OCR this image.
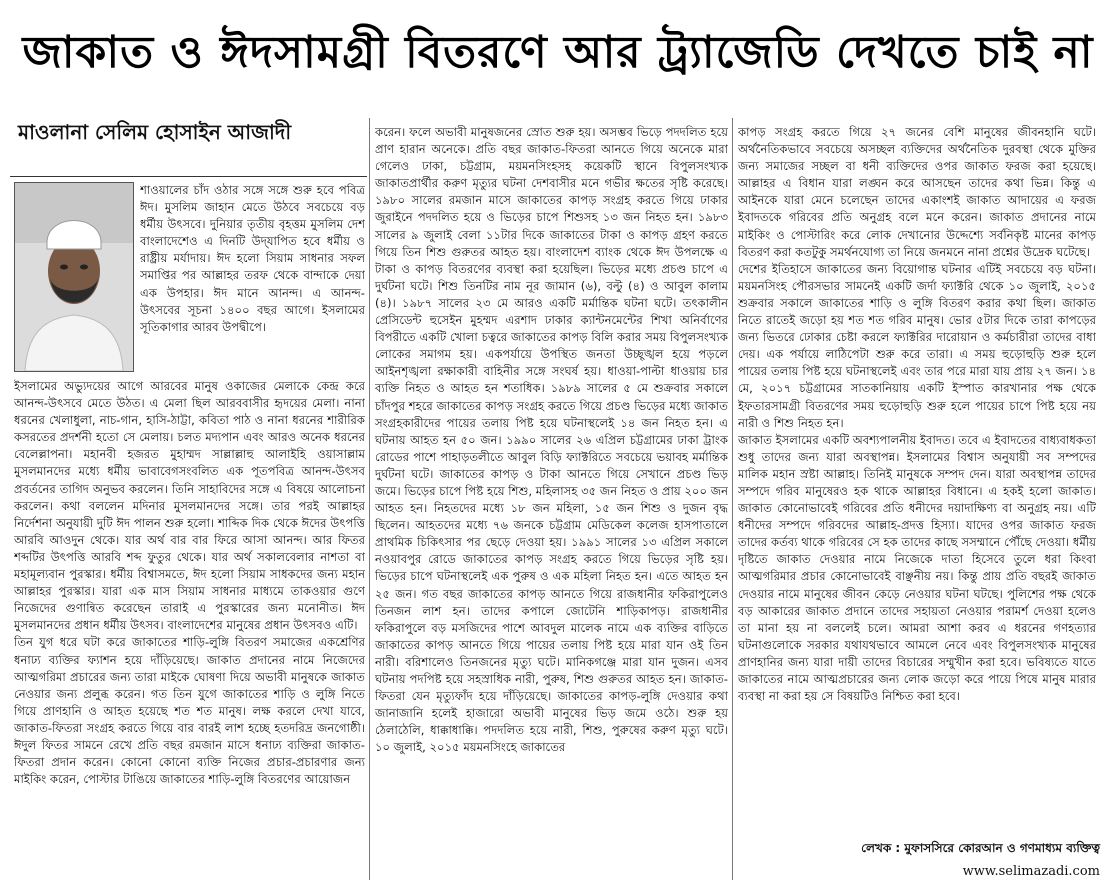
জাকাত ও ঈদসামগ্রী বিতরণে আর ট্র্যাজেডি দেখতে চাই না
মাওলানা সেলিম হোসাইন আজাদী
শাওয়ালের চাঁদ ওঠার সঙ্গে সঙ্গে শুরু হবে পবিত্র ঈদ। মুসলিম জাহান মেতে উঠবে সবচেয়ে বড় ধর্মীয় উৎসবে। দুনিয়ার তৃতীয় বৃহত্তম মুসলিম দেশ বাংলাদেশেও এ দিনটি উদ্‌যাপিত হবে ধর্মীয় ও রাষ্ট্রীয় মর্যাদায়। ঈদ হলো সিয়াম সাধনার সফল সমাপ্তির পর আল্লাহর তরফ থেকে বান্দাকে দেয়া এক উপহার। ঈদ মানে আনন্দ। এ আনন্দ-উৎসবের সূচনা ১৪০০ বছর আগে। ইসলামের সূতিকাগার আরব উপদ্বীপে।
ইসলামের অভ্যুদয়ের আগে আরবের মানুষ ওকাজের মেলাকে কেন্দ্র করে আনন্দ-উৎসবে মেতে উঠত। এ মেলা ছিল আরববাসীর হৃদয়ের মেলা। নানা ধরনের খেলাধুলা, নাচ-গান, হাসি-ঠাট্টা, কবিতা পাঠ ও নানা ধরনের শারীরিক কসরতের প্রদর্শনী হতো সে মেলায়। চলত মদ্যপান এবং আরও অনেক ধরনের বেলেল্লাপনা। মহানবী হজরত মুহাম্মদ সাল্লাল্লাহু আলাইহি ওয়াসাল্লাম মুসলমানদের মধ্যে ধর্মীয় ভাবাবেগসংবলিত এক পূতপবিত্র আনন্দ-উৎসব প্রবর্তনের তাগিদ অনুভব করলেন। তিনি সাহাবিদের সঙ্গে এ বিষয়ে আলোচনা করলেন। কথা বললেন মদিনার মুসলমানদের সঙ্গে। তার পরই আল্লাহর নির্দেশনা অনুযায়ী দুটি ঈদ পালন শুরু হলো। শাব্দিক দিক থেকে ঈদের উৎপত্তি আরবি আওদুন থেকে। যার অর্থ বার বার ফিরে আসা আনন্দ। আর ফিতর শব্দটির উৎপত্তি আরবি শব্দ ফুতুর থেকে। যার অর্থ সকালবেলার নাশতা বা মহামূল্যবান পুরস্কার। ধর্মীয় বিশ্বাসমতে, ঈদ হলো সিয়াম সাধকদের জন্য মহান আল্লাহর পুরস্কার। যারা এক মাস সিয়াম সাধনার মাধ্যমে তাকওয়ার গুণে নিজেদের গুণান্বিত করেছেন তারাই এ পুরস্কারের জন্য মনোনীত। ঈদ মুসলমানদের প্রধান ধর্মীয় উৎসব। বাংলাদেশের মানুষের প্রধান উৎসবও এটি।
তিন যুগ ধরে ঘটা করে জাকাতের শাড়ি-লুঙ্গি বিতরণ সমাজের একশ্রেণির ধনাঢ্য ব্যক্তির ফ্যাশন হয়ে দাঁড়িয়েছে। জাকাত প্রদানের নামে নিজেদের আত্মগরিমা প্রচারের জন্য তারা মাইকে ঘোষণা দিয়ে অভাবী মানুষকে জাকাত নেওয়ার জন্য প্রলুব্ধ করেন। গত তিন যুগে জাকাতের শাড়ি ও লুঙ্গি নিতে গিয়ে প্রাণহানি ও আহত হয়েছে শত শত মানুষ। লক্ষ করলে দেখা যাবে, জাকাত-ফিতরা সংগ্রহ করতে গিয়ে বার বারই লাশ হচ্ছে হতদরিদ্র জনগোষ্ঠী। ঈদুল ফিতর সামনে রেখে প্রতি বছর রমজান মাসে ধনাঢ্য ব্যক্তিরা জাকাত-ফিতরা প্রদান করেন। কোনো কোনো ব্যক্তি নিজের প্রচার-প্রচারণার জন্য মাইকিং করেন, পোস্টার টাঙিয়ে জাকাতের শাড়ি-লুঙ্গি বিতরণের আয়োজন
করেন। ফলে অভাবী মানুষজনের স্রোত শুরু হয়। অসম্ভব ভিড়ে পদদলিত হয়ে প্রাণ হারান অনেকে। প্রতি বছর জাকাত-ফিতরা আনতে গিয়ে অনেকে মারা গেলেও ঢাকা, চট্টগ্রাম, ময়মনসিংহসহ কয়েকটি স্থানে বিপুলসংখ্যক জাকাতপ্রার্থীর করুণ মৃত্যুর ঘটনা দেশবাসীর মনে গভীর ক্ষতের সৃষ্টি করেছে। ১৯৮০ সালের রমজান মাসে জাকাতের কাপড় সংগ্রহ করতে গিয়ে ঢাকার জুরাইনে পদদলিত হয়ে ও ভিড়ের চাপে শিশুসহ ১৩ জন নিহত হন। ১৯৮৩ সালের ৯ জুলাই বেলা ১১টার দিকে জাকাতের টাকা ও কাপড় গ্রহণ করতে গিয়ে তিন শিশু গুরুতর আহত হয়। বাংলাদেশ ব্যাংক থেকে ঈদ উপলক্ষে এ টাকা ও কাপড় বিতরণের ব্যবস্থা করা হয়েছিল। ভিড়ের মধ্যে প্রচণ্ড চাপে এ দুর্ঘটনা ঘটে। শিশু তিনটির নাম নূর জামান (৬), বল্টু (৪) ও আবুল কালাম (৪)। ১৯৮৭ সালের ২৩ মে আরও একটি মর্মান্তিক ঘটনা ঘটে। তৎকালীন প্রেসিডেন্ট হুসেইন মুহম্মদ এরশাদ ঢাকার ক্যান্টনমেন্টের শিখা অনির্বাণের বিপরীতে একটি খোলা চত্বরে জাকাতের কাপড় বিলি করার সময় বিপুলসংখ্যক লোকের সমাগম হয়। একপর্যায়ে উপস্থিত জনতা উচ্ছৃঙ্খল হয়ে পড়লে আইনশৃঙ্খলা রক্ষাকারী বাহিনীর সঙ্গে সংঘর্ষ হয়। ধাওয়া-পাল্টা ধাওয়ায় চার ব্যক্তি নিহত ও আহত হন শতাধিক। ১৯৮৯ সালের ৫ মে শুক্রবার সকালে চাঁদপুর শহরে জাকাতের কাপড় সংগ্রহ করতে গিয়ে প্রচণ্ড ভিড়ের মধ্যে জাকাত সংগ্রহকারীদের পায়ের তলায় পিষ্ট হয়ে ঘটনাস্থলেই ১৪ জন নিহত হন। এ ঘটনায় আহত হন ৫০ জন। ১৯৯০ সালের ২৬ এপ্রিল চট্টগ্রামের ঢাকা ট্রাংক রোডের পাশে পাহাড়তলীতে আবুল বিড়ি ফ্যাক্টরিতে সবচেয়ে ভয়াবহ মর্মান্তিক দুর্ঘটনা ঘটে। জাকাতের কাপড় ও টাকা আনতে গিয়ে সেখানে প্রচণ্ড ভিড় জমে। ভিড়ের চাপে পিষ্ট হয়ে শিশু, মহিলাসহ ৩৫ জন নিহত ও প্রায় ২০০ জন আহত হন। নিহতদের মধ্যে ১৮ জন মহিলা, ১৫ জন শিশু ও দুজন বৃদ্ধ ছিলেন। আহতদের মধ্যে ৭৬ জনকে চট্টগ্রাম মেডিকেল কলেজ হাসপাতালে প্রাথমিক চিকিৎসার পর ছেড়ে দেওয়া হয়। ১৯৯১ সালের ১৩ এপ্রিল সকালে নওয়াবপুর রোডে জাকাতের কাপড় সংগ্রহ করতে গিয়ে ভিড়ের সৃষ্টি হয়। ভিড়ের চাপে ঘটনাস্থলেই এক পুরুষ ও এক মহিলা নিহত হন। এতে আহত হন ২৫ জন। গত বছর জাকাতের কাপড় আনতে গিয়ে রাজধানীর ফকিরাপুলেও তিনজন লাশ হন। তাদের কপালে জোটেনি শাড়িকাপড়। রাজধানীর ফকিরাপুলে বড় মসজিদের পাশে আবদুল মালেক নামে এক ব্যক্তির বাড়িতে জাকাতের কাপড় আনতে গিয়ে পায়ের তলায় পিষ্ট হয়ে মারা যান ওই তিন নারী। বরিশালেও তিনজনের মৃত্যু ঘটে। মানিকগঞ্জে মারা যান দুজন। এসব ঘটনায় পদপিষ্ট হয়ে সহস্রাধিক নারী, পুরুষ, শিশু গুরুতর আহত হন। জাকাত-ফিতরা যেন মৃত্যুফাঁদ হয়ে দাঁড়িয়েছে। জাকাতের কাপড়-লুঙ্গি দেওয়ার কথা জানাজানি হলেই হাজারো অভাবী মানুষের ভিড় জমে ওঠে। শুরু হয় ঠেলাঠেলি, ধাক্কাধাক্কি। পদদলিত হয়ে নারী, শিশু, পুরুষের করুণ মৃত্যু ঘটে। ১০ জুলাই, ২০১৫ ময়মনসিংহে জাকাতের
কাপড় সংগ্রহ করতে গিয়ে ২৭ জনের বেশি মানুষের জীবনহানি ঘটে। অর্থনৈতিকভাবে সবচেয়ে অসচ্ছল ব্যক্তিদের অর্থনৈতিক দুরবস্থা থেকে মুক্তির জন্য সমাজের সচ্ছল বা ধনী ব্যক্তিদের ওপর জাকাত ফরজ করা হয়েছে। আল্লাহর এ বিধান যারা লঙ্ঘন করে আসছেন তাদের কথা ভিন্ন। কিন্তু এ আইনকে যারা মেনে চলেছেন তাদের একাংশই জাকাত আদায়ের এ ফরজ ইবাদতকে গরিবের প্রতি অনুগ্রহ বলে মনে করেন। জাকাত প্রদানের নামে মাইকিং ও পোস্টারিং করে লোক দেখানোর উদ্দেশ্যে সর্বনিকৃষ্ট মানের কাপড় বিতরণ করা কতটুকু সমর্থনযোগ্য তা নিয়ে জনমনে নানা প্রশ্নের উদ্রেক ঘটেছে।
দেশের ইতিহাসে জাকাতের জন্য বিয়োগান্ত ঘটনার এটিই সবচেয়ে বড় ঘটনা। ময়মনসিংহ পৌরসভার সামনেই একটি জর্দা ফ্যাক্টরি থেকে ১০ জুলাই, ২০১৫ শুক্রবার সকালে জাকাতের শাড়ি ও লুঙ্গি বিতরণ করার কথা ছিল। জাকাত নিতে রাতেই জড়ো হয় শত শত গরিব মানুষ। ভোর ৫টার দিকে তারা কাপড়ের জন্য ভিতরে ঢোকার চেষ্টা করলে ফ্যাক্টরির দারোয়ান ও কর্মচারীরা তাদের বাধা দেয়। এক পর্যায়ে লাঠিপেটা শুরু করে তারা। এ সময় হুড়োহুড়ি শুরু হলে পায়ের তলায় পিষ্ট হয়ে ঘটনাস্থলেই এবং তার পরে মারা যায় প্রায় ২৭ জন। ১৪ মে, ২০১৭ চট্টগ্রামের সাতকানিয়ায় একটি ইস্পাত কারখানার পক্ষ থেকে ইফতারসামগ্রী বিতরণের সময় হুড়োহুড়ি শুরু হলে পায়ের চাপে পিষ্ট হয়ে নয় নারী ও শিশু নিহত হন।
জাকাত ইসলামের একটি অবশ্যপালনীয় ইবাদত। তবে এ ইবাদতের বাধ্যবাধকতা শুধু তাদের জন্য যারা অবস্থাপন্ন। ইসলামের বিশ্বাস অনুযায়ী সব সম্পদের মালিক মহান স্রষ্টা আল্লাহ। তিনিই মানুষকে সম্পদ দেন। যারা অবস্থাপন্ন তাদের সম্পদে গরিব মানুষেরও হক থাকে আল্লাহর বিধানে। এ হকই হলো জাকাত। জাকাত কোনোভাবেই গরিবের প্রতি ধনীদের দয়াদাক্ষিণ্য বা অনুগ্রহ নয়। এটি ধনীদের সম্পদে গরিবদের আল্লাহ-প্রদত্ত হিস্যা। যাদের ওপর জাকাত ফরজ তাদের কর্তব্য থাকে গরিবের সে হক তাদের কাছে সসম্মানে পৌঁছে দেওয়া। ধর্মীয় দৃষ্টিতে জাকাত দেওয়ার নামে নিজেকে দাতা হিসেবে তুলে ধরা কিংবা আত্মগরিমার প্রচার কোনোভাবেই বাঞ্ছনীয় নয়। কিন্তু প্রায় প্রতি বছরই জাকাত দেওয়ার নামে মানুষের জীবন কেড়ে নেওয়ার ঘটনা ঘটছে। পুলিশের পক্ষ থেকে বড় আকারের জাকাত প্রদানে তাদের সহায়তা নেওয়ার পরামর্শ দেওয়া হলেও তা মানা হয় না বললেই চলে। আমরা আশা করব এ ধরনের গণহত্যার ঘটনাগুলোকে সরকার যথাযথভাবে আমলে নেবে এবং বিপুলসংখ্যক মানুষের প্রাণহানির জন্য যারা দায়ী তাদের বিচারের সম্মুখীন করা হবে। ভবিষ্যতে যাতে জাকাতের নামে আত্মপ্রচারের জন্য লোক জড়ো করে পায়ে পিষে মানুষ মারার ব্যবস্থা না করা হয় সে বিষয়টিও নিশ্চিত করা হবে।
লেখক : মুফাসসিরে কোরআন ও গণমাধ্যম ব্যক্তিত্ব
www.selimazadi.com
